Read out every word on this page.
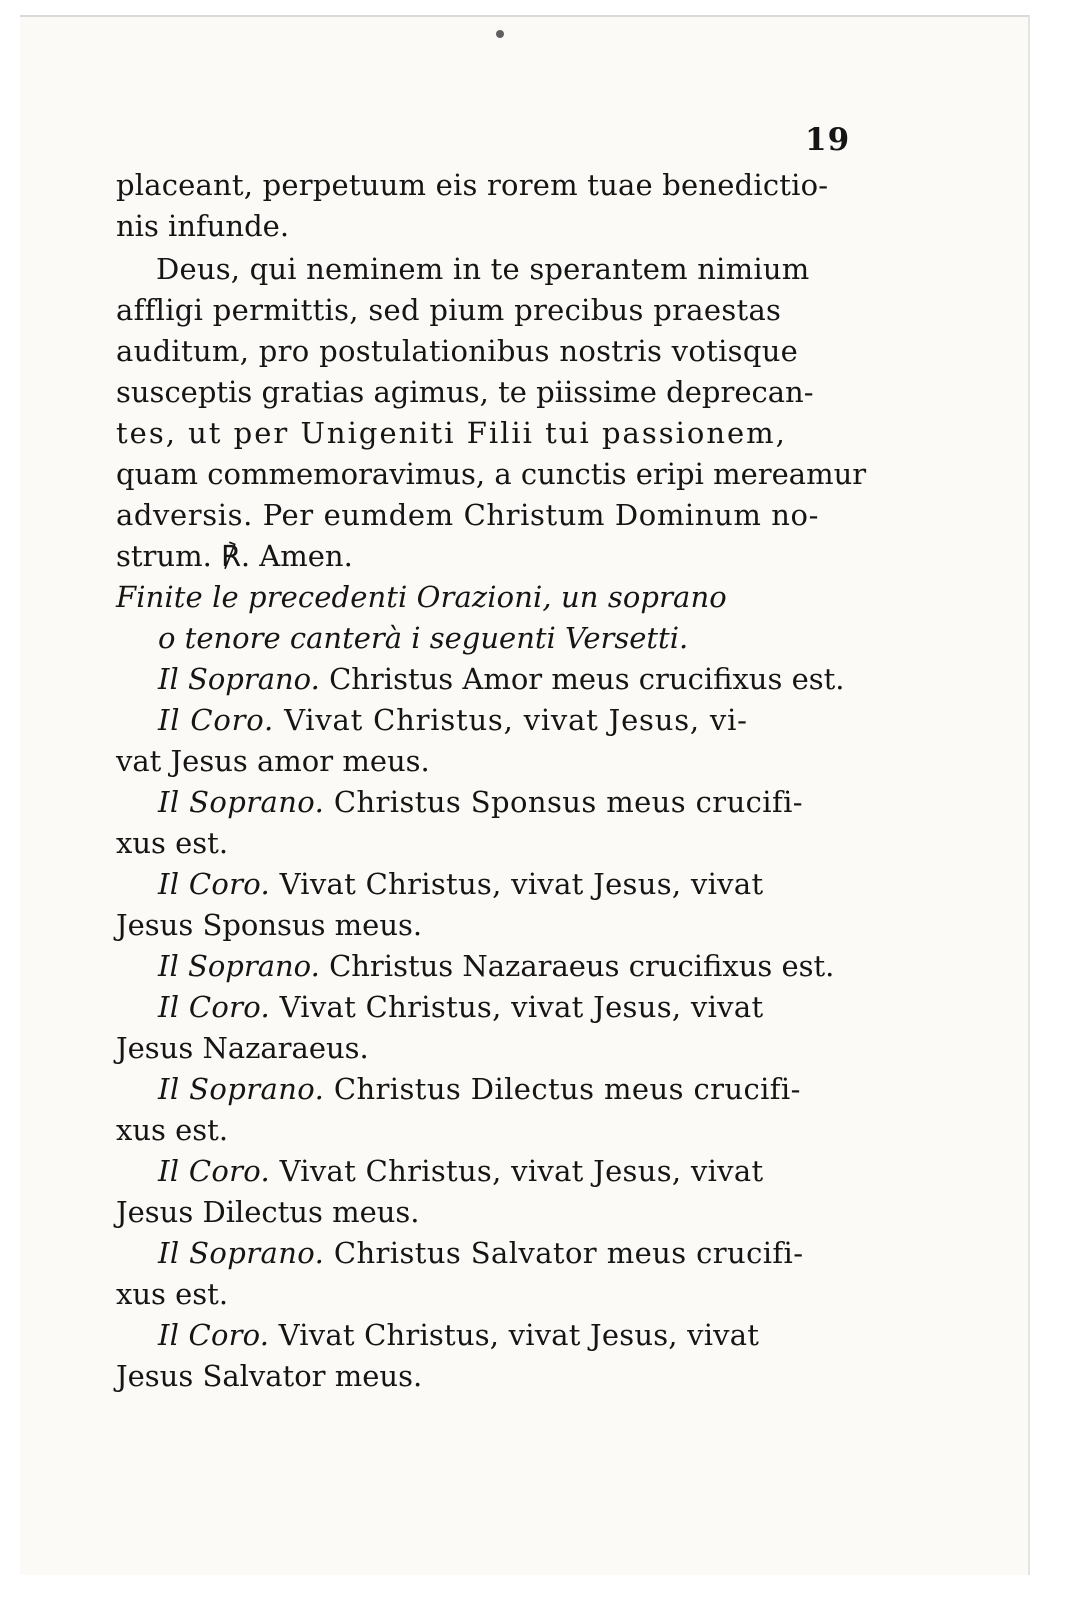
19
placeant, perpetuum eis rorem tuae benedictio-
nis infunde.
Deus, qui neminem in te sperantem nimium
affligi permittis, sed pium precibus praestas
auditum, pro postulationibus nostris votisque
susceptis gratias agimus, te piissime deprecan-
tes, ut per Unigeniti Filii tui passionem,
quam commemoravimus, a cunctis eripi mereamur
adversis. Per eumdem Christum Dominum no-
strum. ℟. Amen.
Finite le precedenti Orazioni, un soprano
o tenore canterà i seguenti Versetti.
Il Soprano. Christus Amor meus crucifixus est.
Il Coro. Vivat Christus, vivat Jesus, vi-
vat Jesus amor meus.
Il Soprano. Christus Sponsus meus crucifi-
xus est.
Il Coro. Vivat Christus, vivat Jesus, vivat
Jesus Sponsus meus.
Il Soprano. Christus Nazaraeus crucifixus est.
Il Coro. Vivat Christus, vivat Jesus, vivat
Jesus Nazaraeus.
Il Soprano. Christus Dilectus meus crucifi-
xus est.
Il Coro. Vivat Christus, vivat Jesus, vivat
Jesus Dilectus meus.
Il Soprano. Christus Salvator meus crucifi-
xus est.
Il Coro. Vivat Christus, vivat Jesus, vivat
Jesus Salvator meus.
